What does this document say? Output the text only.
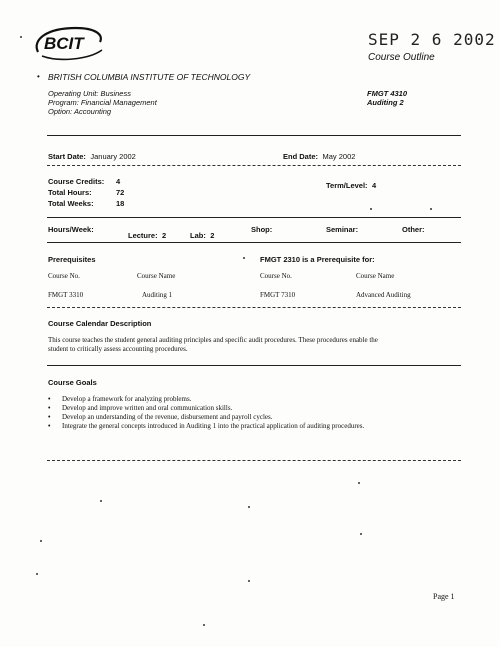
BCIT	SEP 2 6 2002
Course Outline
• BRITISH COLUMBIA INSTITUTE OF TECHNOLOGY
Operating Unit: Business
Program: Financial Management
Option: Accounting
FMGT 4310
Auditing 2
Start Date: January 2002	End Date: May 2002
Course Credits: 4
Total Hours:	72
Total Weeks:	18
Term/Level: 4
Hours/Week:
Lecture: 2	Lab: 2
Shop:	Seminar:	Other:
Prerequisites	FMGT 2310 is a Prerequisite for:
Course No.	Course Name	Course No.	Course Name
FMGT 3310	Auditing 1	FMGT 7310	Advanced Auditing
Course Calendar Description
This course teaches the student general auditing principles and specific audit procedures. These procedures enable the
student to critically assess accounting procedures.
Course Goals
• Develop a framework for analyzing problems.
• Develop and improve written and oral communication skills.
• Develop an understanding of the revenue, disbursement and payroll cycles.
• Integrate the general concepts introduced in Auditing 1 into the practical application of auditing procedures.
Page 1
